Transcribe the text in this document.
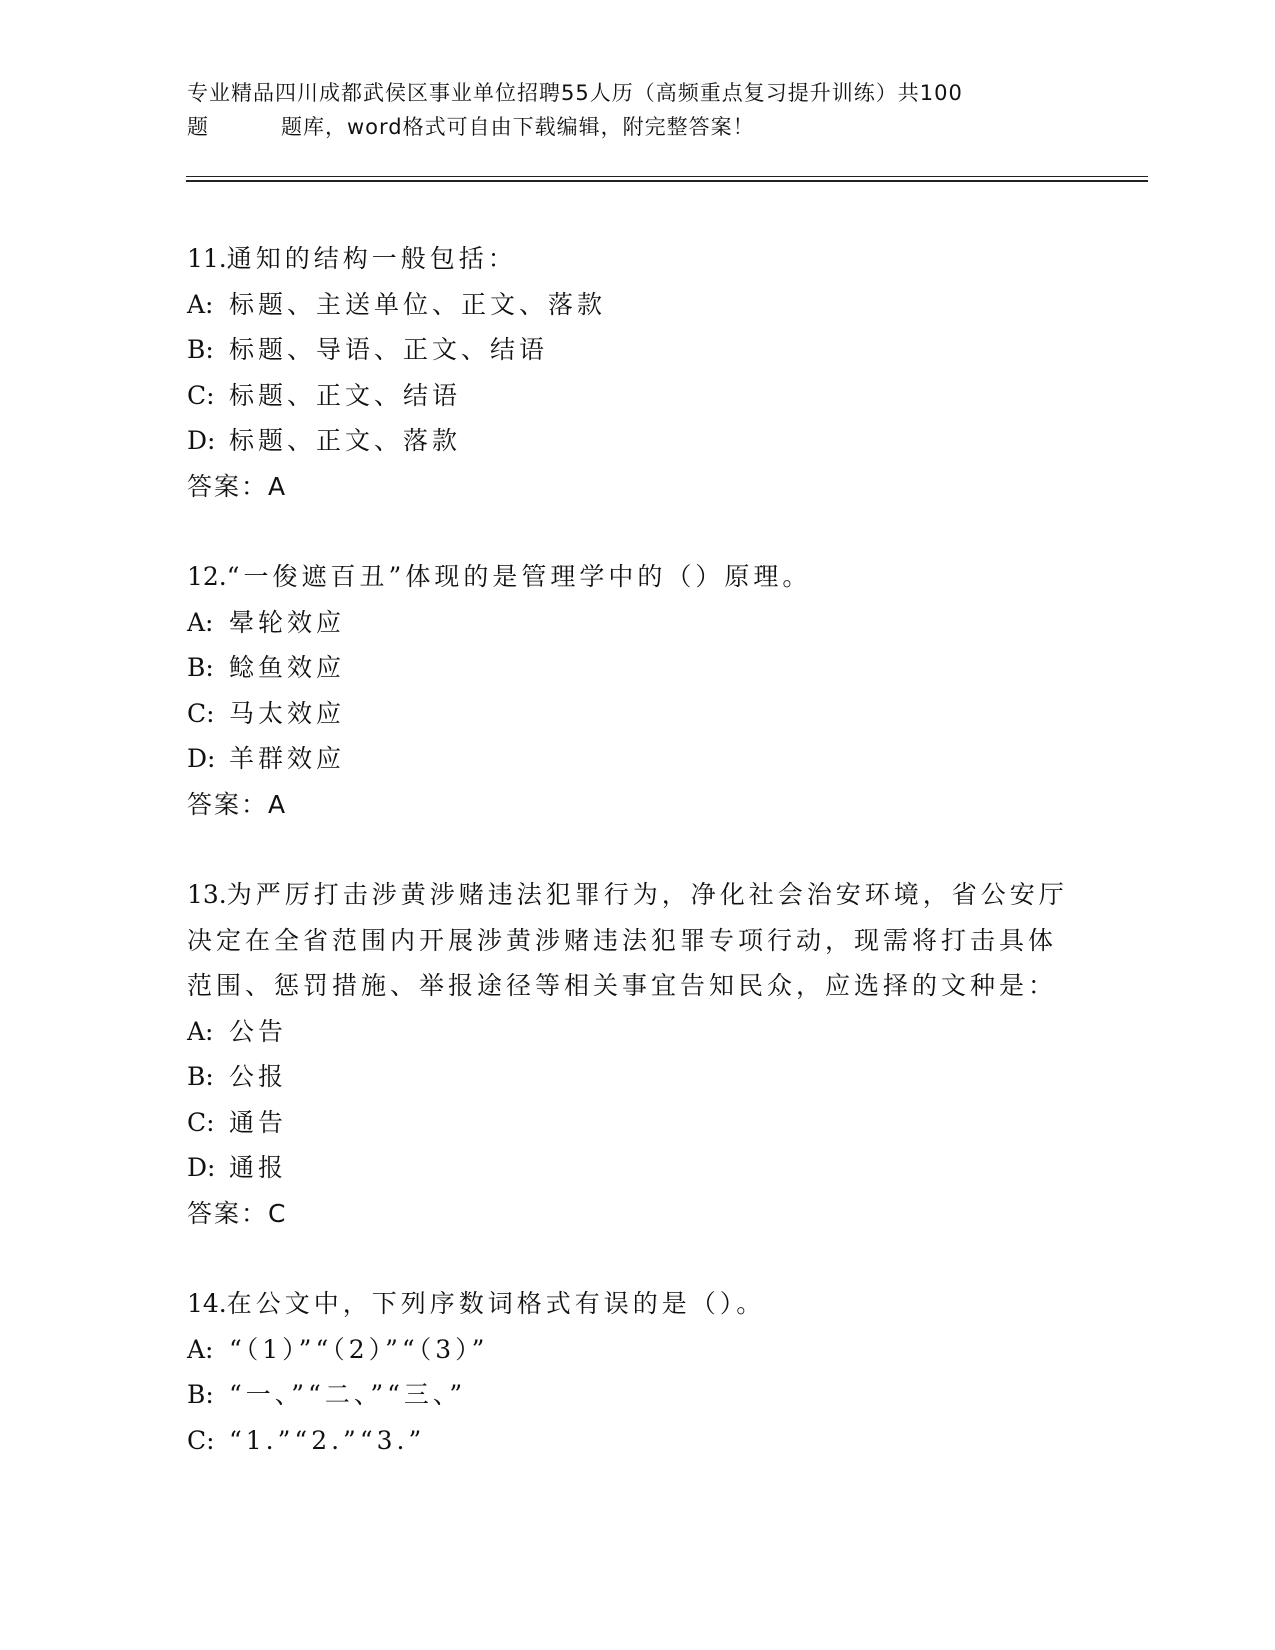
专业精品四川成都武侯区事业单位招聘55人历（高频重点复习提升训练）共100
题	题库，word格式可自由下载编辑，附完整答案！
11.通知的结构一般包括：
A: 标题、主送单位、正文、落款
B: 标题、导语、正文、结语
C: 标题、正文、结语
D: 标题、正文、落款
答案：A
12.“一俊遮百丑”体现的是管理学中的（）原理。
A: 晕轮效应
B: 鲶鱼效应
C: 马太效应
D: 羊群效应
答案：A
13.为严厉打击涉黄涉赌违法犯罪行为，净化社会治安环境，省公安厅
决定在全省范围内开展涉黄涉赌违法犯罪专项行动，现需将打击具体
范围、惩罚措施、举报途径等相关事宜告知民众，应选择的文种是：
A: 公告
B: 公报
C: 通告
D: 通报
答案：C
14.在公文中，下列序数词格式有误的是（）。
A: “（1）”“（2）”“（3）”
B: “一、”“二、”“三、”
C: “1.”“2.”“3.”
